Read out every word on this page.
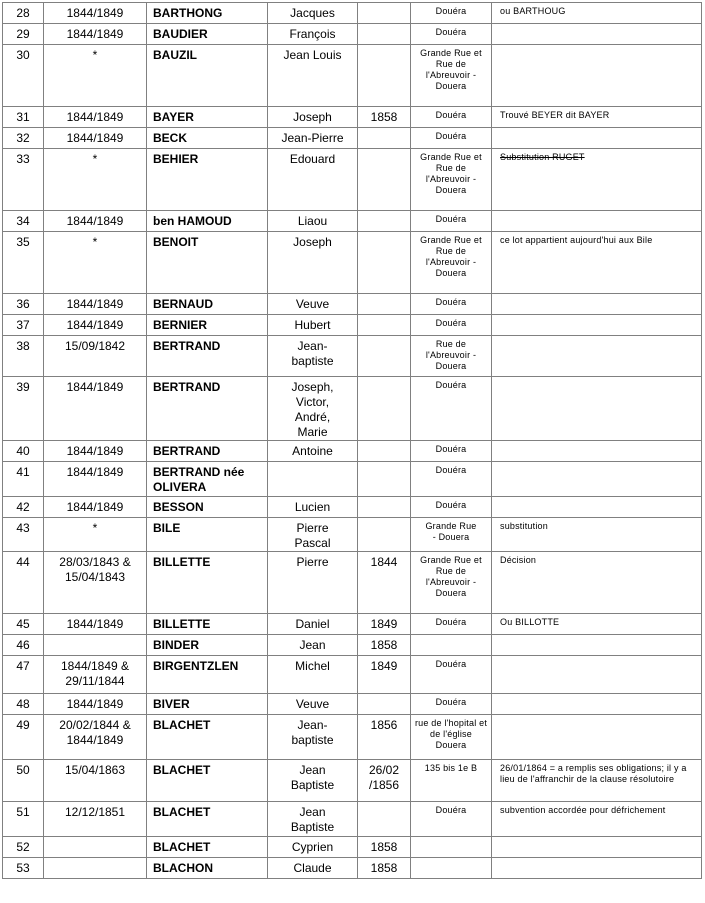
28	1844/1849	BARTHONG	Jacques		Douéra	ou BARTHOUG
29	1844/1849	BAUDIER	François		Douéra	
30	*	BAUZIL	Jean Louis		Grande Rue et Rue de l'Abreuvoir - Douera	
31	1844/1849	BAYER	Joseph	1858	Douéra	Trouvé BEYER dit BAYER
32	1844/1849	BECK	Jean-Pierre		Douéra	
33	*	BEHIER	Edouard		Grande Rue et Rue de l'Abreuvoir - Douera	Substitution RUGET
34	1844/1849	ben HAMOUD	Liaou		Douéra	
35	*	BENOIT	Joseph		Grande Rue et Rue de l'Abreuvoir - Douera	ce lot appartient aujourd'hui aux Bile
36	1844/1849	BERNAUD	Veuve		Douéra	
37	1844/1849	BERNIER	Hubert		Douéra	
38	15/09/1842	BERTRAND	Jean-
baptiste		Rue de l'Abreuvoir - Douera	
39	1844/1849	BERTRAND	Joseph,
Victor,
André,
Marie		Douéra	
40	1844/1849	BERTRAND	Antoine		Douéra	
41	1844/1849	BERTRAND née
OLIVERA			Douéra	
42	1844/1849	BESSON	Lucien		Douéra	
43	*	BILE	Pierre
Pascal		Grande Rue
- Douera	substitution
44	28/03/1843 &
15/04/1843	BILLETTE	Pierre	1844	Grande Rue et Rue de l'Abreuvoir - Douera	Décision
45	1844/1849	BILLETTE	Daniel	1849	Douéra	Ou BILLOTTE
46		BINDER	Jean	1858		
47	1844/1849 &
29/11/1844	BIRGENTZLEN	Michel	1849	Douéra	
48	1844/1849	BIVER	Veuve		Douéra	
49	20/02/1844 &
1844/1849	BLACHET	Jean-
baptiste	1856	rue de l'hopital et de l'église Douera	
50	15/04/1863	BLACHET	Jean
Baptiste	26/02
/1856	135 bis 1e B	26/01/1864 = a remplis ses obligations; il y a lieu de l'affranchir de la clause résolutoire
51	12/12/1851	BLACHET	Jean
Baptiste		Douéra	subvention accordée pour défrichement
52		BLACHET	Cyprien	1858		
53		BLACHON	Claude	1858		
